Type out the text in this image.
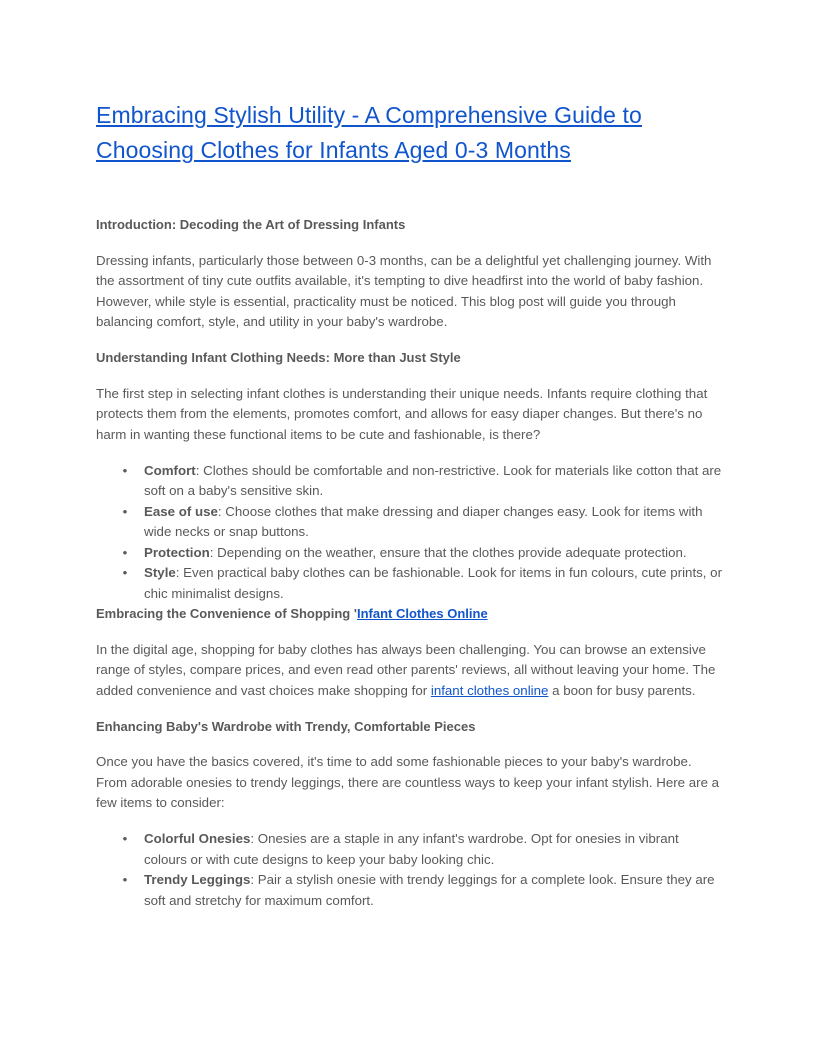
Embracing Stylish Utility - A Comprehensive Guide to Choosing Clothes for Infants Aged 0-3 Months

Introduction: Decoding the Art of Dressing Infants

Dressing infants, particularly those between 0-3 months, can be a delightful yet challenging journey. With the assortment of tiny cute outfits available, it's tempting to dive headfirst into the world of baby fashion. However, while style is essential, practicality must be noticed. This blog post will guide you through balancing comfort, style, and utility in your baby's wardrobe.

Understanding Infant Clothing Needs: More than Just Style

The first step in selecting infant clothes is understanding their unique needs. Infants require clothing that protects them from the elements, promotes comfort, and allows for easy diaper changes. But there's no harm in wanting these functional items to be cute and fashionable, is there?

• Comfort: Clothes should be comfortable and non-restrictive. Look for materials like cotton that are soft on a baby's sensitive skin.
• Ease of use: Choose clothes that make dressing and diaper changes easy. Look for items with wide necks or snap buttons.
• Protection: Depending on the weather, ensure that the clothes provide adequate protection.
• Style: Even practical baby clothes can be fashionable. Look for items in fun colours, cute prints, or chic minimalist designs.

Embracing the Convenience of Shopping 'Infant Clothes Online

In the digital age, shopping for baby clothes has always been challenging. You can browse an extensive range of styles, compare prices, and even read other parents' reviews, all without leaving your home. The added convenience and vast choices make shopping for infant clothes online a boon for busy parents.

Enhancing Baby's Wardrobe with Trendy, Comfortable Pieces

Once you have the basics covered, it's time to add some fashionable pieces to your baby's wardrobe. From adorable onesies to trendy leggings, there are countless ways to keep your infant stylish. Here are a few items to consider:

• Colorful Onesies: Onesies are a staple in any infant's wardrobe. Opt for onesies in vibrant colours or with cute designs to keep your baby looking chic.
• Trendy Leggings: Pair a stylish onesie with trendy leggings for a complete look. Ensure they are soft and stretchy for maximum comfort.
